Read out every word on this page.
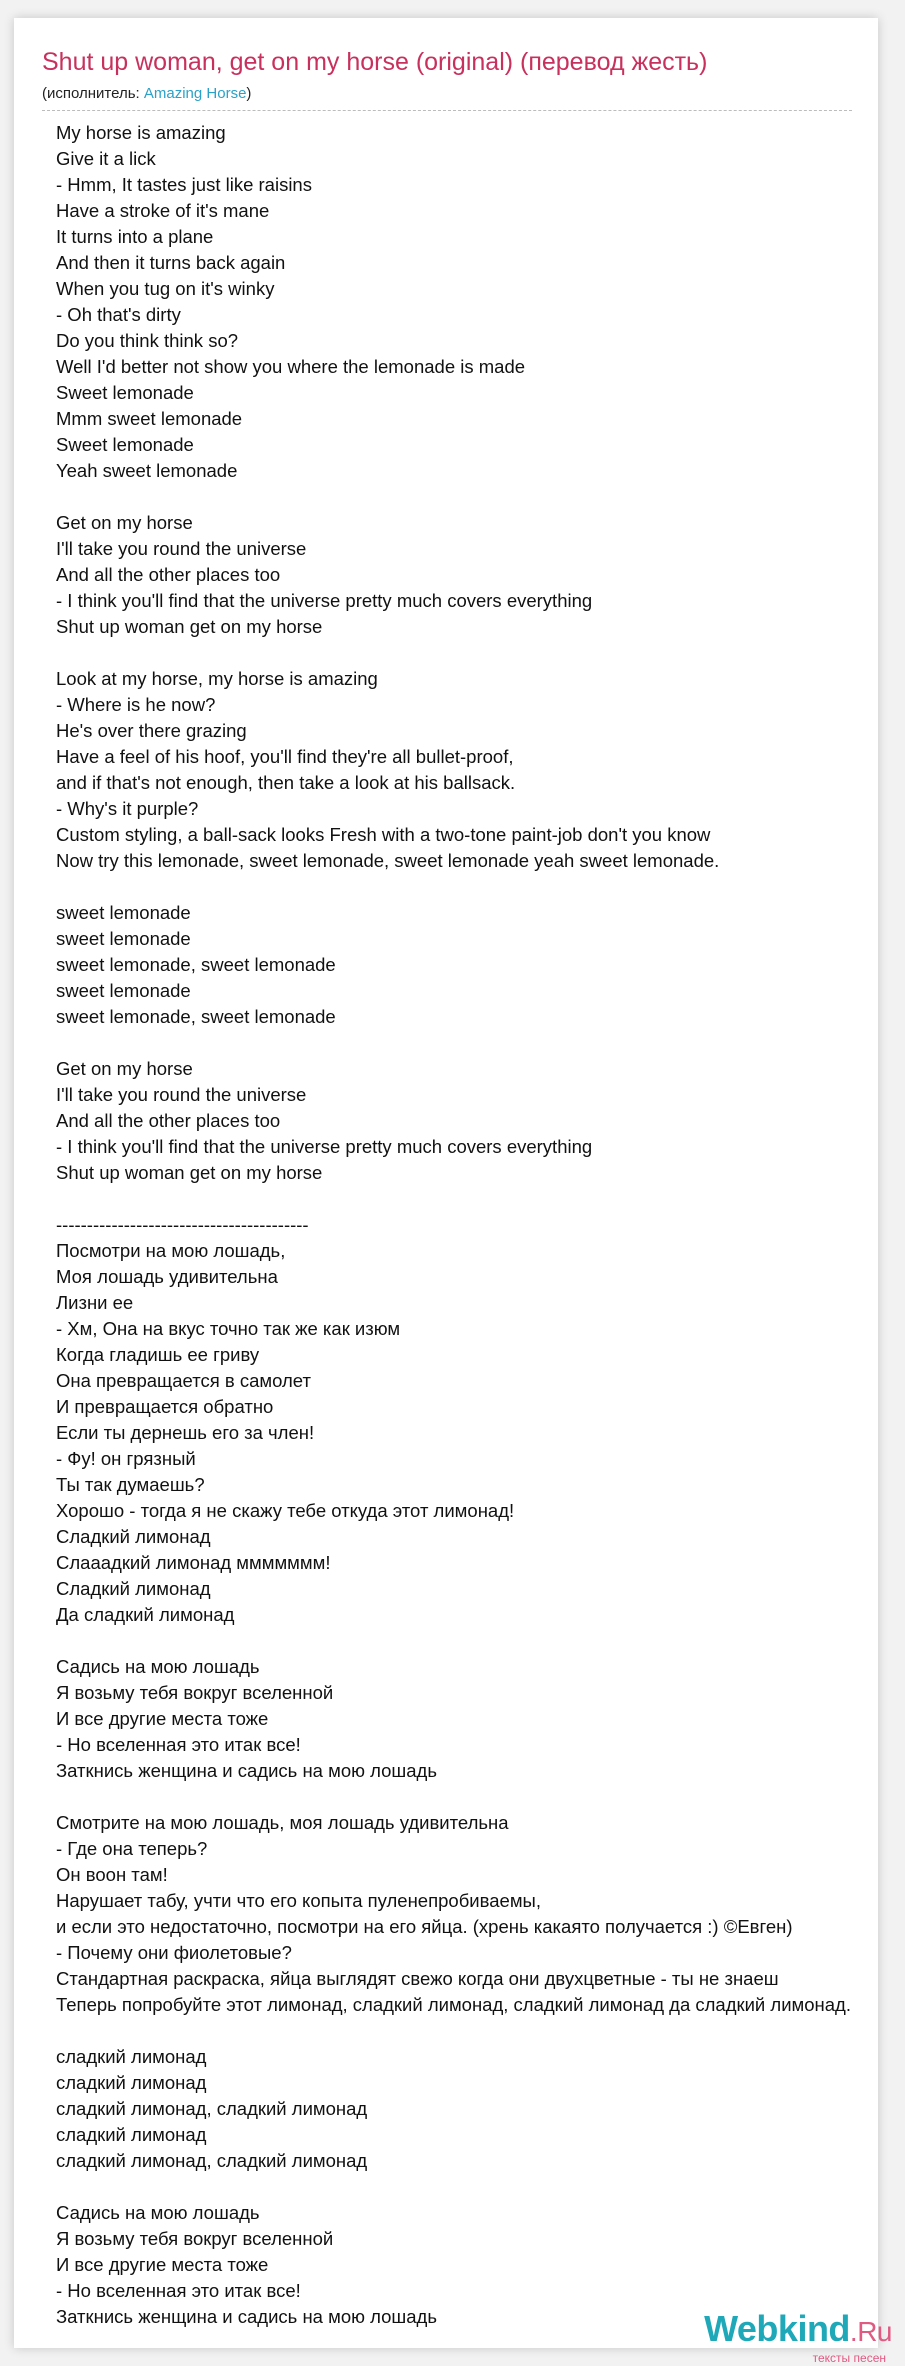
Shut up woman, get on my horse (original) (перевод жесть)
(исполнитель: Amazing Horse)
My horse is amazing
Give it a lick
- Hmm, It tastes just like raisins
Have a stroke of it's mane
It turns into a plane
And then it turns back again
When you tug on it's winky
- Oh that's dirty
Do you think think so?
Well I'd better not show you where the lemonade is made
Sweet lemonade
Mmm sweet lemonade
Sweet lemonade
Yeah sweet lemonade
Get on my horse
I'll take you round the universe
And all the other places too
- I think you'll find that the universe pretty much covers everything
Shut up woman get on my horse
Look at my horse, my horse is amazing
- Where is he now?
He's over there grazing
Have a feel of his hoof, you'll find they're all bullet-proof,
and if that's not enough, then take a look at his ballsack.
- Why's it purple?
Custom styling, a ball-sack looks Fresh with a two-tone paint-job don't you know
Now try this lemonade, sweet lemonade, sweet lemonade yeah sweet lemonade.
sweet lemonade
sweet lemonade
sweet lemonade, sweet lemonade
sweet lemonade
sweet lemonade, sweet lemonade
Get on my horse
I'll take you round the universe
And all the other places too
- I think you'll find that the universe pretty much covers everything
Shut up woman get on my horse
-----------------------------------------
Посмотри на мою лошадь,
Моя лошадь удивительна
Лизни ее
- Хм, Она на вкус точно так же как изюм
Когда гладишь ее гриву
Она превращается в самолет
И превращается обратно
Если ты дернешь его за член!
- Фу! он грязный
Ты так думаешь?
Хорошо - тогда я не скажу тебе откуда этот лимонад!
Сладкий лимонад
Слааадкий лимонад ммммммм!
Сладкий лимонад
Да сладкий лимонад
Садись на мою лошадь
Я возьму тебя вокруг вселенной
И все другие места тоже
- Но вселенная это итак все!
Заткнись женщина и садись на мою лошадь
Смотрите на мою лошадь, моя лошадь удивительна
- Где она теперь?
Он воон там!
Нарушает табу, учти что его копыта пуленепробиваемы,
и если это недостаточно, посмотри на его яйца. (хрень какаято получается :) ©Евген)
- Почему они фиолетовые?
Стандартная раскраска, яйца выглядят свежо когда они двухцветные - ты не знаеш
Теперь попробуйте этот лимонад, сладкий лимонад, сладкий лимонад да сладкий лимонад.
сладкий лимонад
сладкий лимонад
сладкий лимонад, сладкий лимонад
сладкий лимонад
сладкий лимонад, сладкий лимонад
Садись на мою лошадь
Я возьму тебя вокруг вселенной
И все другие места тоже
- Но вселенная это итак все!
Заткнись женщина и садись на мою лошадь	Webkind.Ru
тексты песен
